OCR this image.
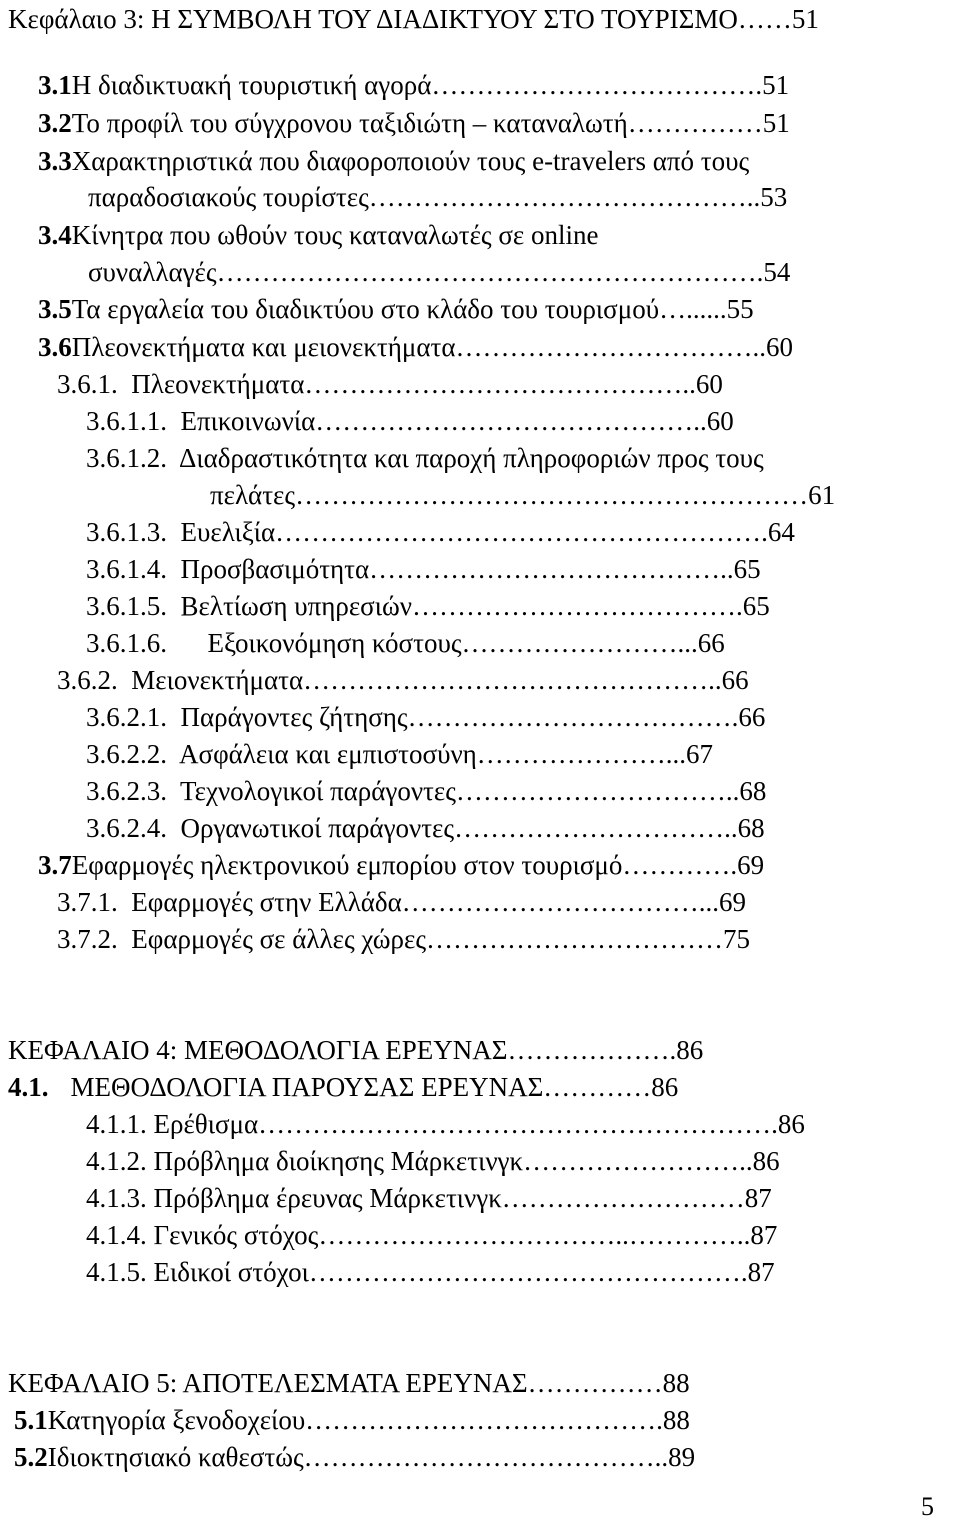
Κεφάλαιο 3: Η ΣΥΜΒΟΛΗ ΤΟΥ ΔΙΑΔΙΚΤΥΟΥ ΣΤΟ ΤΟΥΡΙΣΜΟ……51
3.1Η διαδικτυακή τουριστική αγορά……………………………….51
3.2Το προφίλ του σύγχρονου ταξιδιώτη – καταναλωτή……………51
3.3Χαρακτηριστικά που διαφοροποιούν τους e-travelers από τους
παραδοσιακούς τουρίστες……………………………………..53
3.4Κίνητρα που ωθούν τους καταναλωτές σε online
συναλλαγές…………………………………………………….54
3.5Τα εργαλεία του διαδικτύου στο κλάδο του τουρισμού…......55
3.6Πλεονεκτήματα και μειονεκτήματα……………………………..60
3.6.1.  Πλεονεκτήματα……………………………………..60
3.6.1.1.  Επικοινωνία……………………………………..60
3.6.1.2.  Διαδραστικότητα και παροχή πληροφοριών προς τους
πελάτες…………………………………………………61
3.6.1.3.  Ευελιξία……………………………………………….64
3.6.1.4.  Προσβασιμότητα…………………………………..65
3.6.1.5.  Βελτίωση υπηρεσιών……………………………….65
3.6.1.6.      Εξοικονόμηση κόστους……………………...66
3.6.2.  Μειονεκτήματα………………………………………..66
3.6.2.1.  Παράγοντες ζήτησης……………………………….66
3.6.2.2.  Ασφάλεια και εμπιστοσύνη…………………...67
3.6.2.3.  Τεχνολογικοί παράγοντες…………………………..68
3.6.2.4.  Οργανωτικοί παράγοντες…………………………..68
3.7Εφαρμογές ηλεκτρονικού εμπορίου στον τουρισμό………….69
3.7.1.  Εφαρμογές στην Ελλάδα……………………………...69
3.7.2.  Εφαρμογές σε άλλες χώρες……………………………75
ΚΕΦΑΛΑΙΟ 4: ΜΕΘΟΔΟΛΟΓΙΑ ΕΡΕΥΝΑΣ……………….86
4.1. ΜΕΘΟΔΟΛΟΓΙΑ ΠΑΡΟΥΣΑΣ ΕΡΕΥΝΑΣ…………86
4.1.1. Ερέθισμα………………………………………………….86
4.1.2. Πρόβλημα διοίκησης Μάρκετινγκ……………………..86
4.1.3. Πρόβλημα έρευνας Μάρκετινγκ………………………87
4.1.4. Γενικός στόχος……………………………..…………..87
4.1.5. Ειδικοί στόχοι………………………………………….87
ΚΕΦΑΛΑΙΟ 5: ΑΠΟΤΕΛΕΣΜΑΤΑ ΕΡΕΥΝΑΣ……………88
5.1Κατηγορία ξενοδοχείου………………………………….88
5.2Ιδιοκτησιακό καθεστώς…………………………………..89
5
